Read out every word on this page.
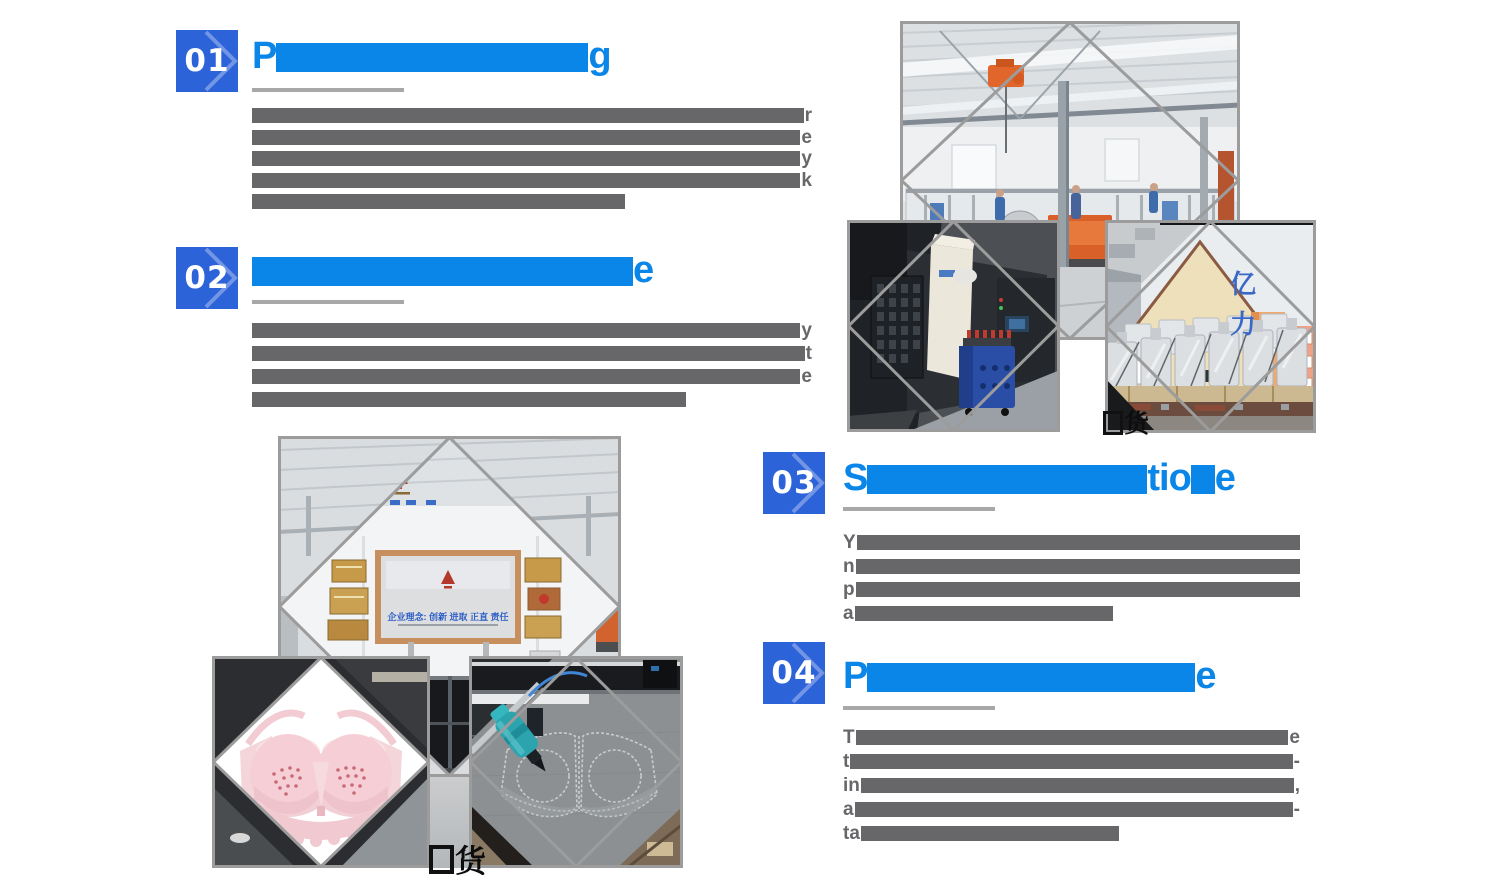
亿力
企业理念: 创新 进取 正直 责任
货
货
01 P	g
r
e
y
k
02	e
y
t
e
03 S	tio e
Y
n
p
a
04 P	e
T	e
t	-
in	,
a	-
ta
